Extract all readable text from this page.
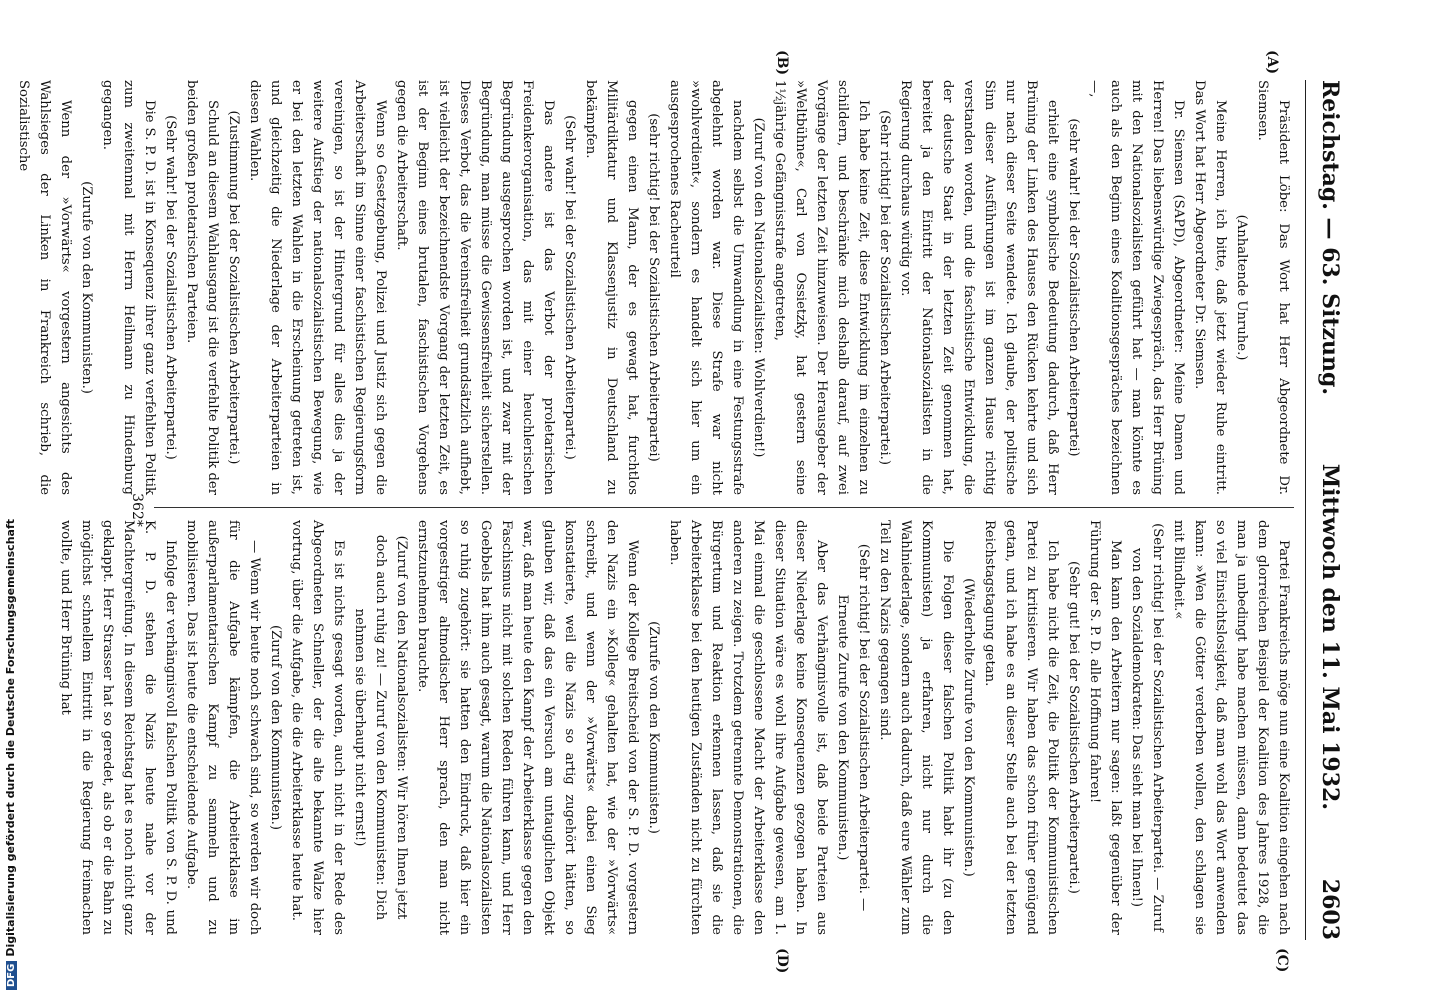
Reichstag. — 63. Sitzung.
Mittwoch den 11. Mai 1932.
2603
(A)
(B)
(C)
(D)

Präsident Löbe: Das Wort hat Herr Abgeordnete Dr. Siemsen.

(Anhaltende Unruhe.)

Meine Herren, ich bitte, daß jetzt wieder Ruhe eintritt. Das Wort hat Herr Abgeordneter Dr. Siemsen.

Dr. Siemsen (SAPD), Abgeordneter: Meine Damen und Herren! Das liebenswürdige Zwiegespräch, das Herr Brüning mit den Nationalsozialisten geführt hat — man könnte es auch als den Beginn eines Koalitionsgespräches bezeichnen —,

(sehr wahr! bei der Sozialistischen Arbeiterpartei)

erhielt eine symbolische Bedeutung dadurch, daß Herr Brüning der Linken des Hauses den Rücken kehrte und sich nur nach dieser Seite wendete. Ich glaube, der politische Sinn dieser Ausführungen ist im ganzen Hause richtig verstanden worden, und die faschistische Entwicklung, die der deutsche Staat in der letzten Zeit genommen hat, bereitet ja den Eintritt der Nationalsozialisten in die Regierung durchaus würdig vor.

(Sehr richtig! bei der Sozialistischen Arbeiterpartei.)

Ich habe keine Zeit, diese Entwicklung im einzelnen zu schildern, und beschränke mich deshalb darauf, auf zwei Vorgänge der letzten Zeit hinzuweisen. Der Herausgeber der »Weltbühne«, Carl von Ossietzky, hat gestern seine 1½jährige Gefängnisstrafe angetreten,

(Zuruf von den Nationalsozialisten: Wohlverdient!)

nachdem selbst die Umwandlung in eine Festungsstrafe abgelehnt worden war. Diese Strafe war nicht »wohlverdient«, sondern es handelt sich hier um ein ausgesprochenes Racheurteil

(sehr richtig! bei der Sozialistischen Arbeiterpartei)

gegen einen Mann, der es gewagt hat, furchtlos Militärdiktatur und Klassenjustiz in Deutschland zu bekämpfen.

(Sehr wahr! bei der Sozialistischen Arbeiterpartei.)

Das andere ist das Verbot der proletarischen Freidenkerorganisation, das mit einer heuchlerischen Begründung ausgesprochen worden ist, und zwar mit der Begründung, man müsse die Gewissensfreiheit sicherstellen. Dieses Verbot, das die Vereinsfreiheit grundsätzlich aufhebt, ist vielleicht der bezeichnendste Vorgang der letzten Zeit, es ist der Beginn eines brutalen, faschistischen Vorgehens gegen die Arbeiterschaft.

Wenn so Gesetzgebung, Polizei und Justiz sich gegen die Arbeiterschaft im Sinne einer faschistischen Regierungsform vereinigen, so ist der Hintergrund für alles dies ja der weitere Aufstieg der nationalsozialistischen Bewegung, wie er bei den letzten Wahlen in die Erscheinung getreten ist, und gleichzeitig die Niederlage der Arbeiterparteien in diesen Wahlen.

(Zustimmung bei der Sozialistischen Arbeiterpartei.)

Schuld an diesem Wahlausgang ist die verfehlte Politik der beiden großen proletarischen Parteien.

(Sehr wahr! bei der Sozialistischen Arbeiterpartei.)

Die S. P. D. ist in Konsequenz ihrer ganz verfehlten Politik zum zweitenmal mit Herrn Heilmann zu Hindenburg gegangen.

(Zurufe von den Kommunisten.)

Wenn der »Vorwärts« vorgestern angesichts des Wahlsieges der Linken in Frankreich schrieb, die Sozialistische

Partei Frankreichs möge nun eine Koalition eingehen nach dem glorreichen Beispiel der Koalition des Jahres 1928, die man ja unbedingt habe machen müssen, dann bedeutet das so viel Einsichtslosigkeit, daß man wohl das Wort anwenden kann: »Wen die Götter verderben wollen, den schlagen sie mit Blindheit.«

(Sehr richtig! bei der Sozialistischen Arbeiterpartei. — Zuruf von den Sozialdemokraten: Das sieht man bei Ihnen!)

Man kann den Arbeitern nur sagen: laßt gegenüber der Führung der S. P. D. alle Hoffnung fahren!

(Sehr gut! bei der Sozialistischen Arbeiterpartei.)

Ich habe nicht die Zeit, die Politik der Kommunistischen Partei zu kritisieren. Wir haben das schon früher genügend getan, und ich habe es an dieser Stelle auch bei der letzten Reichstagstagung getan.

(Wiederholte Zurufe von den Kommunisten.)

Die Folgen dieser falschen Politik habt ihr (zu den Kommunisten) ja erfahren, nicht nur durch die Wahlniederlage, sondern auch dadurch, daß eure Wähler zum Teil zu den Nazis gegangen sind.

(Sehr richtig! bei der Sozialistischen Arbeiterpartei. — Erneute Zurufe von den Kommunisten.)

Aber das Verhängnisvolle ist, daß beide Parteien aus dieser Niederlage keine Konsequenzen gezogen haben. In dieser Situation wäre es wohl ihre Aufgabe gewesen, am 1. Mai einmal die geschlossene Macht der Arbeiterklasse den anderen zu zeigen. Trotzdem getrennte Demonstrationen, die Bürgertum und Reaktion erkennen lassen, daß sie die Arbeiterklasse bei den heutigen Zuständen nicht zu fürchten haben.

(Zurufe von den Kommunisten.)

Wenn der Kollege Breitscheid von der S. P. D. vorgestern den Nazis ein »Kolleg« gehalten hat, wie der »Vorwärts« schreibt, und wenn der »Vorwärts« dabei einen Sieg konstatierte, weil die Nazis so artig zugehört hätten, so glauben wir, daß das ein Versuch am untauglichen Objekt war, daß man heute den Kampf der Arbeiterklasse gegen den Faschismus nicht mit solchen Reden führen kann, und Herr Goebbels hat ihm auch gesagt, warum die Nationalsozialisten so ruhig zugehört: sie hatten den Eindruck, daß hier ein vorgestriger altmodischer Herr sprach, den man nicht ernstzunehmen brauchte.

(Zuruf von den Nationalsozialisten: Wir hören Ihnen jetzt doch auch ruhig zu! — Zuruf von den Kommunisten: Dich nehmen sie überhaupt nicht ernst!)

Es ist nichts gesagt worden, auch nicht in der Rede des Abgeordneten Schneller, der die alte bekannte Walze hier vortrug, über die Aufgabe, die die Arbeiterklasse heute hat.

(Zuruf von den Kommunisten.)

— Wenn wir heute noch schwach sind, so werden wir doch für die Aufgabe kämpfen, die Arbeiterklasse im außerparlamentarischen Kampf zu sammeln und zu mobilisieren. Das ist heute die entscheidende Aufgabe.

Infolge der verhängnisvoll falschen Politik von S. P. D. und K. P. D. stehen die Nazis heute nahe vor der Machtergreifung. In diesem Reichstag hat es noch nicht ganz geklappt. Herr Strasser hat so geredet, als ob er die Bahn zu möglichst schnellem Eintritt in die Regierung freimachen wollte, und Herr Brüning hat

362*
DFGDigitalisierung gefördert durch die Deutsche Forschungsgemeinschaft
